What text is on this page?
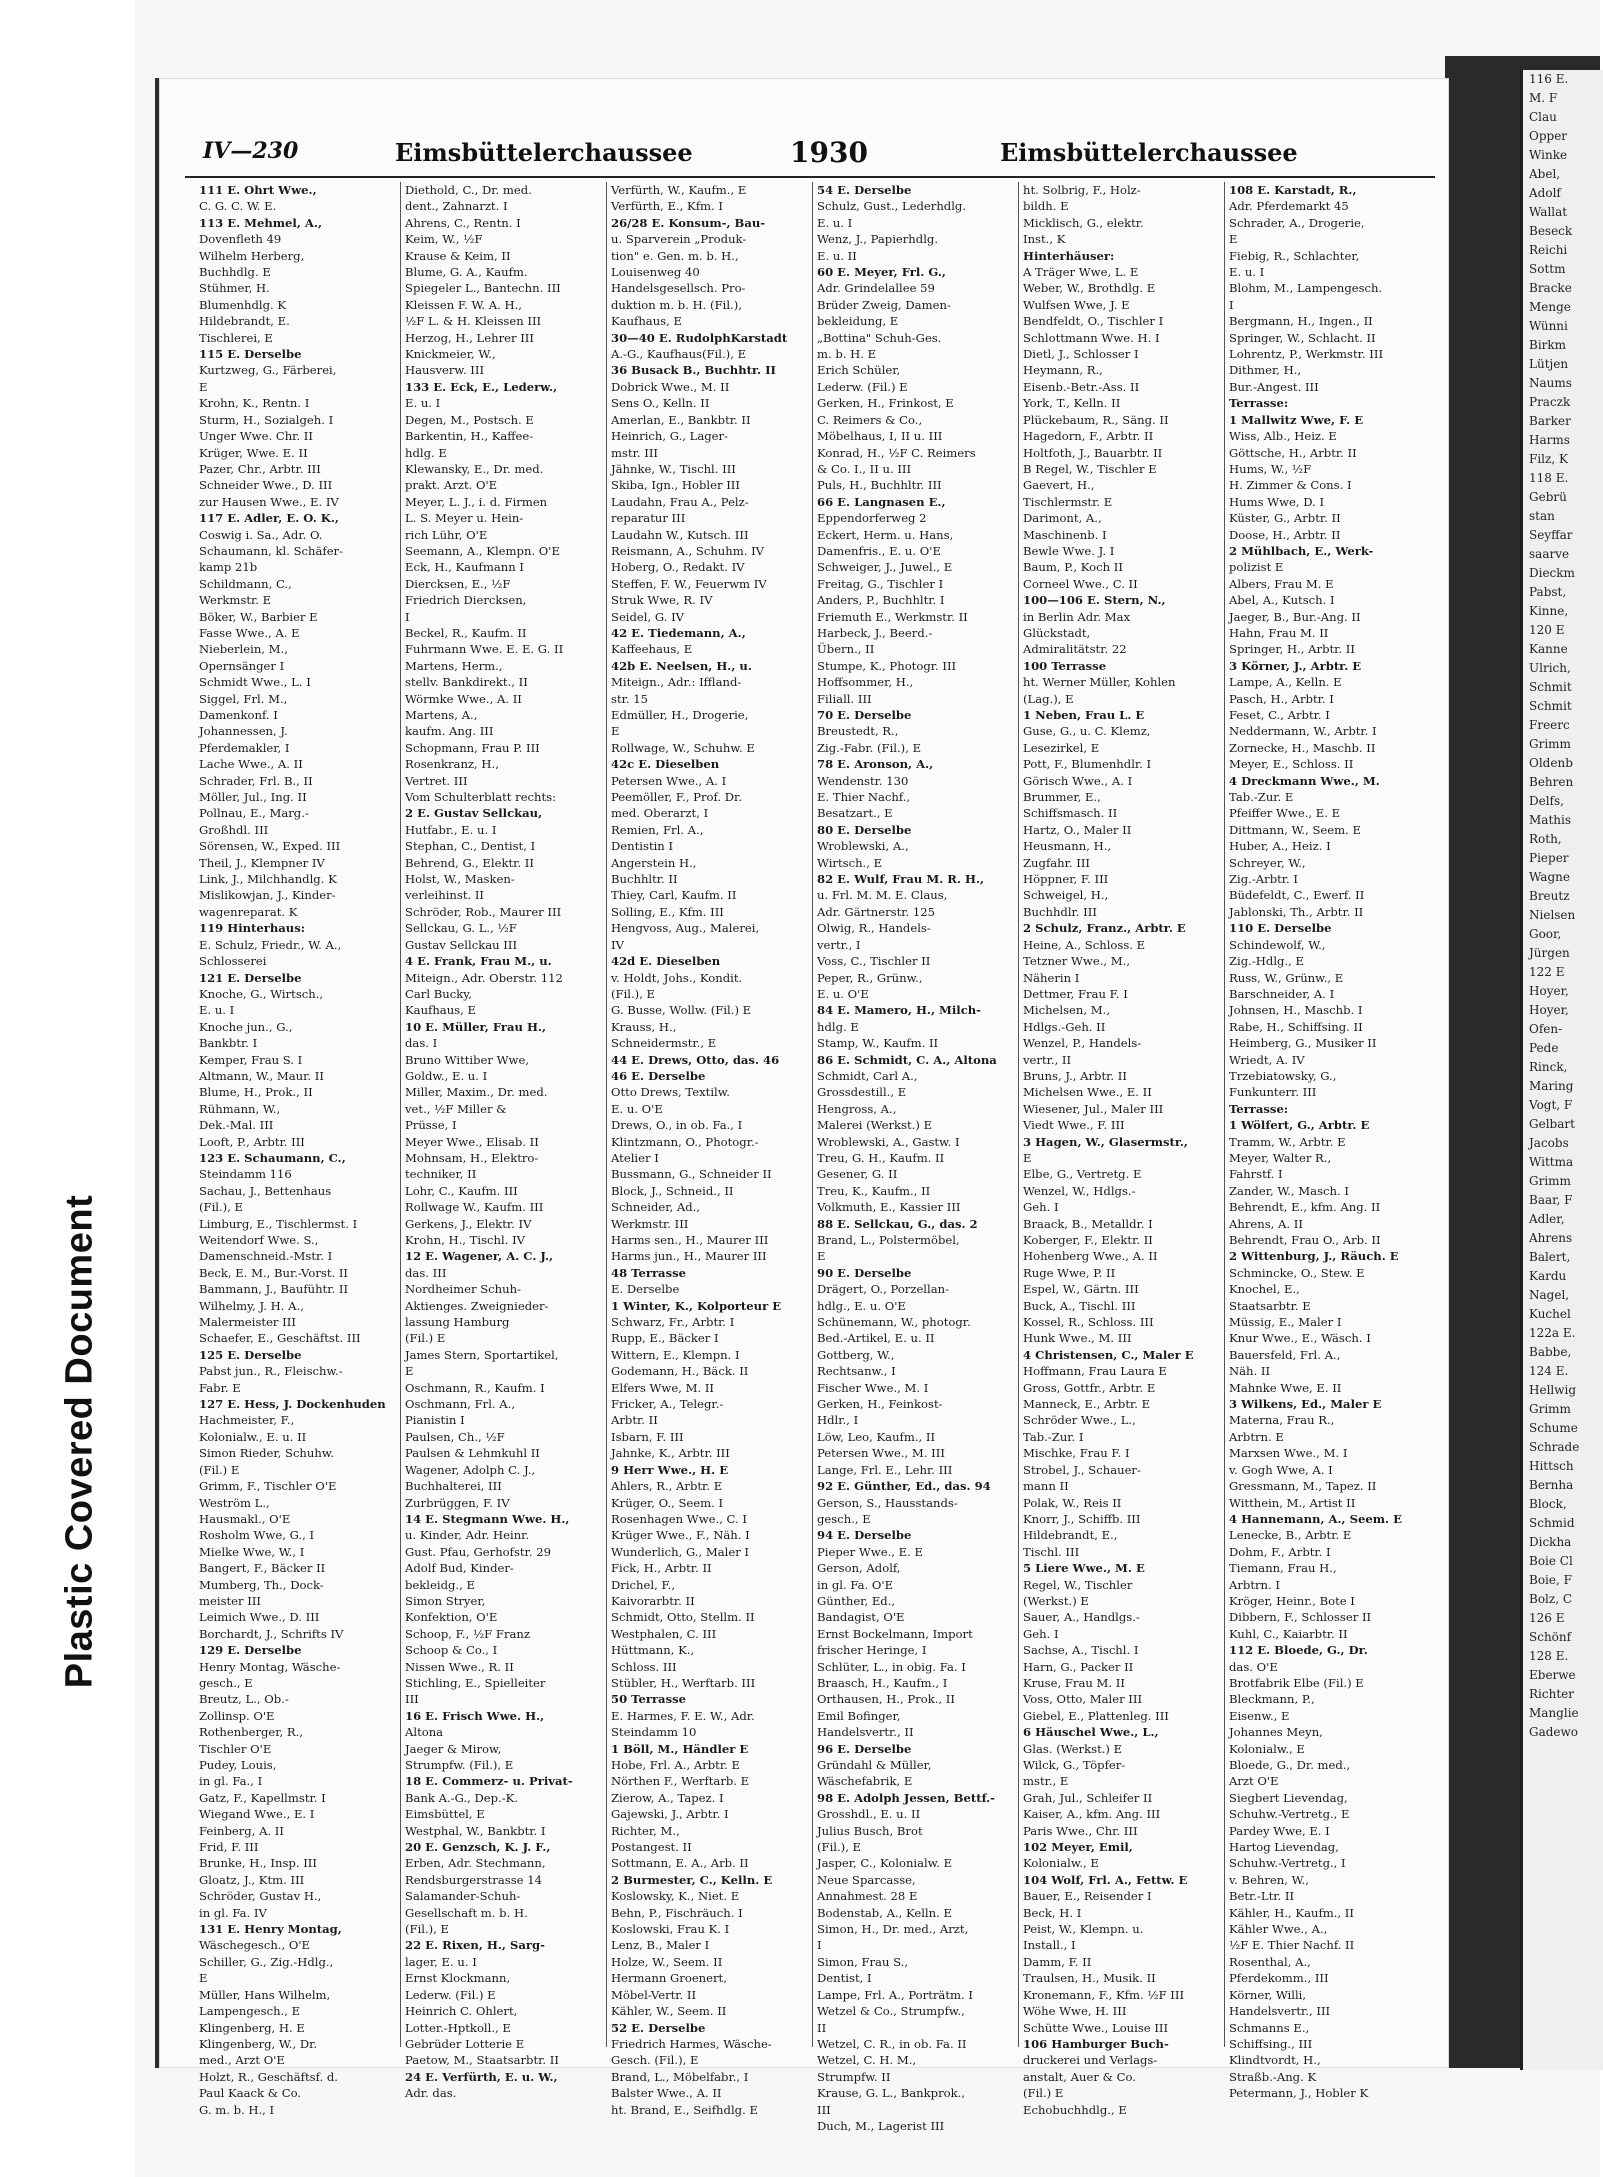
Plastic Covered Document
116 E.
M. F
Clau
Opper
Winke
Abel,
Adolf
Wallat
Beseck
Reichi
Sottm
Bracke
Menge
Wünni
Birkm
Lütjen
Naums
Praczk
Barker
Harms
Filz, K
118 E.
Gebrü
stan
Seyffar
saarve
Dieckm
Pabst,
Kinne,
120 E
Kanne
Ulrich,
Schmit
Schmit
Freerc
Grimm
Oldenb
Behren
Delfs,
Mathis
Roth,
Pieper
Wagne
Breutz
Nielsen
Goor,
Jürgen
122 E
Hoyer,
Hoyer,
Ofen-
Pede
Rinck,
Maring
Vogt, F
Gelbart
Jacobs
Wittma
Grimm
Baar, F
Adler,
Ahrens
Balert,
Kardu
Nagel,
Kuchel
122a E.
Babbe,
124 E.
Hellwig
Grimm
Schume
Schrade
Hittsch
Bernha
Block,
Schmid
Dickha
Boie Cl
Boie, F
Bolz, C
126 E
Schönf
128 E.
Eberwe
Richter
Manglie
Gadewo
IV—230	Eimsbüttelerchaussee	1930	Eimsbüttelerchaussee
111 E. Ohrt Wwe.,
C. G. C. W. E.
113 E. Mehmel, A.,
Dovenfleth 49
Wilhelm Herberg,
Buchhdlg. E
Stühmer, H.
Blumenhdlg. K
Hildebrandt, E.
Tischlerei, E
115 E. Derselbe
Kurtzweg, G., Färberei,
E
Krohn, K., Rentn. I
Sturm, H., Sozialgeh. I
Unger Wwe. Chr. II
Krüger, Wwe. E. II
Pazer, Chr., Arbtr. III
Schneider Wwe., D. III
zur Hausen Wwe., E. IV
117 E. Adler, E. O. K.,
Coswig i. Sa., Adr. O.
Schaumann, kl. Schäfer-
kamp 21b
Schildmann, C.,
Werkmstr. E
Böker, W., Barbier E
Fasse Wwe., A. E
Nieberlein, M.,
Opernsänger I
Schmidt Wwe., L. I
Siggel, Frl. M.,
Damenkonf. I
Johannessen, J.
Pferdemakler, I
Lache Wwe., A. II
Schrader, Frl. B., II
Möller, Jul., Ing. II
Pollnau, E., Marg.-
Großhdl. III
Sörensen, W., Exped. III
Theil, J., Klempner IV
Link, J., Milchhandlg. K
Mislikowjan, J., Kinder-
wagenreparat. K
119 Hinterhaus:
E. Schulz, Friedr., W. A.,
Schlosserei
121 E. Derselbe
Knoche, G., Wirtsch.,
E. u. I
Knoche jun., G.,
Bankbtr. I
Kemper, Frau S. I
Altmann, W., Maur. II
Blume, H., Prok., II
Rühmann, W.,
Dek.-Mal. III
Looft, P., Arbtr. III
123 E. Schaumann, C.,
Steindamm 116
Sachau, J., Bettenhaus
(Fil.), E
Limburg, E., Tischlermst. I
Weitendorf Wwe. S.,
Damenschneid.-Mstr. I
Beck, E. M., Bur.-Vorst. II
Bammann, J., Baufühtr. II
Wilhelmy, J. H. A.,
Malermeister III
Schaefer, E., Geschäftst. III
125 E. Derselbe
Pabst jun., R., Fleischw.-
Fabr. E
127 E. Hess, J. Dockenhuden
Hachmeister, F.,
Kolonialw., E. u. II
Simon Rieder, Schuhw.
(Fil.) E
Grimm, F., Tischler O'E
Weström L.,
Hausmakl., O'E
Rosholm Wwe, G., I
Mielke Wwe, W., I
Bangert, F., Bäcker II
Mumberg, Th., Dock-
meister III
Leimich Wwe., D. III
Borchardt, J., Schrifts IV
129 E. Derselbe
Henry Montag, Wäsche-
gesch., E
Breutz, L., Ob.-
Zollinsp. O'E
Rothenberger, R.,
Tischler O'E
Pudey, Louis,
in gl. Fa., I
Gatz, F., Kapellmstr. I
Wiegand Wwe., E. I
Feinberg, A. II
Frid, F. III
Brunke, H., Insp. III
Gloatz, J., Ktm. III
Schröder, Gustav H.,
in gl. Fa. IV
131 E. Henry Montag,
Wäschegesch., O'E
Schiller, G., Zig.-Hdlg.,
E
Müller, Hans Wilhelm,
Lampengesch., E
Klingenberg, H. E
Klingenberg, W., Dr.
med., Arzt O'E
Holzt, R., Geschäftsf. d.
Paul Kaack & Co.
G. m. b. H., I
Diethold, C., Dr. med.
dent., Zahnarzt. I
Ahrens, C., Rentn. I
Keim, W., ½F
Krause & Keim, II
Blume, G. A., Kaufm.
Spiegeler L., Bantechn. III
Kleissen F. W. A. H.,
½F L. & H. Kleissen III
Herzog, H., Lehrer III
Knickmeier, W.,
Hausverw. III
133 E. Eck, E., Lederw.,
E. u. I
Degen, M., Postsch. E
Barkentin, H., Kaffee-
hdlg. E
Klewansky, E., Dr. med.
prakt. Arzt. O'E
Meyer, L. J., i. d. Firmen
L. S. Meyer u. Hein-
rich Lühr, O'E
Seemann, A., Klempn. O'E
Eck, H., Kaufmann I
Diercksen, E., ½F
Friedrich Diercksen,
I
Beckel, R., Kaufm. II
Fuhrmann Wwe. E. E. G. II
Martens, Herm.,
stellv. Bankdirekt., II
Wörmke Wwe., A. II
Martens, A.,
kaufm. Ang. III
Schopmann, Frau P. III
Rosenkranz, H.,
Vertret. III
Vom Schulterblatt rechts:
2 E. Gustav Sellckau,
Hutfabr., E. u. I
Stephan, C., Dentist, I
Behrend, G., Elektr. II
Holst, W., Masken-
verleihinst. II
Schröder, Rob., Maurer III
Sellckau, G. L., ½F
Gustav Sellckau III
4 E. Frank, Frau M., u.
Miteign., Adr. Oberstr. 112
Carl Bucky,
Kaufhaus, E
10 E. Müller, Frau H.,
das. I
Bruno Wittiber Wwe,
Goldw., E. u. I
Miller, Maxim., Dr. med.
vet., ½F Miller &
Prüsse, I
Meyer Wwe., Elisab. II
Mohnsam, H., Elektro-
techniker, II
Lohr, C., Kaufm. III
Rollwage W., Kaufm. III
Gerkens, J., Elektr. IV
Krohn, H., Tischl. IV
12 E. Wagener, A. C. J.,
das. III
Nordheimer Schuh-
Aktienges. Zweignieder-
lassung Hamburg
(Fil.) E
James Stern, Sportartikel,
E
Oschmann, R., Kaufm. I
Oschmann, Frl. A.,
Pianistin I
Paulsen, Ch., ½F
Paulsen & Lehmkuhl II
Wagener, Adolph C. J.,
Buchhalterei, III
Zurbrüggen, F. IV
14 E. Stegmann Wwe. H.,
u. Kinder, Adr. Heinr.
Gust. Pfau, Gerhofstr. 29
Adolf Bud, Kinder-
bekleidg., E
Simon Stryer,
Konfektion, O'E
Schoop, F., ½F Franz
Schoop & Co., I
Nissen Wwe., R. II
Stichling, E., Spielleiter
III
16 E. Frisch Wwe. H.,
Altona
Jaeger & Mirow,
Strumpfw. (Fil.), E
18 E. Commerz- u. Privat-
Bank A.-G., Dep.-K.
Eimsbüttel, E
Westphal, W., Bankbtr. I
20 E. Genzsch, K. J. F.,
Erben, Adr. Stechmann,
Rendsburgerstrasse 14
Salamander-Schuh-
Gesellschaft m. b. H.
(Fil.), E
22 E. Rixen, H., Sarg-
lager, E. u. I
Ernst Klockmann,
Lederw. (Fil.) E
Heinrich C. Ohlert,
Lotter.-Hptkoll., E
Gebrüder Lotterie E
Paetow, M., Staatsarbtr. II
24 E. Verfürth, E. u. W.,
Adr. das.
Verfürth, W., Kaufm., E
Verfürth, E., Kfm. I
26/28 E. Konsum-, Bau-
u. Sparverein „Produk-
tion" e. Gen. m. b. H.,
Louisenweg 40
Handelsgesellsch. Pro-
duktion m. b. H. (Fil.),
Kaufhaus, E
30—40 E. RudolphKarstadt
A.-G., Kaufhaus(Fil.), E
36 Busack B., Buchhtr. II
Dobrick Wwe., M. II
Sens O., Kelln. II
Amerlan, E., Bankbtr. II
Heinrich, G., Lager-
mstr. III
Jähnke, W., Tischl. III
Skiba, Ign., Hobler III
Laudahn, Frau A., Pelz-
reparatur III
Laudahn W., Kutsch. III
Reismann, A., Schuhm. IV
Hoberg, O., Redakt. IV
Steffen, F. W., Feuerwm IV
Struk Wwe, R. IV
Seidel, G. IV
42 E. Tiedemann, A.,
Kaffeehaus, E
42b E. Neelsen, H., u.
Miteign., Adr.: Iffland-
str. 15
Edmüller, H., Drogerie,
E
Rollwage, W., Schuhw. E
42c E. Dieselben
Petersen Wwe., A. I
Peemöller, F., Prof. Dr.
med. Oberarzt, I
Remien, Frl. A.,
Dentistin I
Angerstein H.,
Buchhltr. II
Thiey, Carl, Kaufm. II
Solling, E., Kfm. III
Hengvoss, Aug., Malerei,
IV
42d E. Dieselben
v. Holdt, Johs., Kondit.
(Fil.), E
G. Busse, Wollw. (Fil.) E
Krauss, H.,
Schneidermstr., E
44 E. Drews, Otto, das. 46
46 E. Derselbe
Otto Drews, Textilw.
E. u. O'E
Drews, O., in ob. Fa., I
Klintzmann, O., Photogr.-
Atelier I
Bussmann, G., Schneider II
Block, J., Schneid., II
Schneider, Ad.,
Werkmstr. III
Harms sen., H., Maurer III
Harms jun., H., Maurer III
48 Terrasse
E. Derselbe
1 Winter, K., Kolporteur E
Schwarz, Fr., Arbtr. I
Rupp, E., Bäcker I
Wittern, E., Klempn. I
Godemann, H., Bäck. II
Elfers Wwe, M. II
Fricker, A., Telegr.-
Arbtr. II
Isbarn, F. III
Jahnke, K., Arbtr. III
9 Herr Wwe., H. E
Ahlers, R., Arbtr. E
Krüger, O., Seem. I
Rosenhagen Wwe., C. I
Krüger Wwe., F., Näh. I
Wunderlich, G., Maler I
Fick, H., Arbtr. II
Drichel, F.,
Kaivorarbtr. II
Schmidt, Otto, Stellm. II
Westphalen, C. III
Hüttmann, K.,
Schloss. III
Stübler, H., Werftarb. III
50 Terrasse
E. Harmes, F. E. W., Adr.
Steindamm 10
1 Böll, M., Händler E
Hobe, Frl. A., Arbtr. E
Nörthen F., Werftarb. E
Zierow, A., Tapez. I
Gajewski, J., Arbtr. I
Richter, M.,
Postangest. II
Sottmann, E. A., Arb. II
2 Burmester, C., Kelln. E
Koslowsky, K., Niet. E
Behn, P., Fischräuch. I
Koslowski, Frau K. I
Lenz, B., Maler I
Holze, W., Seem. II
Hermann Groenert,
Möbel-Vertr. II
Kähler, W., Seem. II
52 E. Derselbe
Friedrich Harmes, Wäsche-
Gesch. (Fil.), E
Brand, L., Möbelfabr., I
Balster Wwe., A. II
ht. Brand, E., Seifhdlg. E
54 E. Derselbe
Schulz, Gust., Lederhdlg.
E. u. I
Wenz, J., Papierhdlg.
E. u. II
60 E. Meyer, Frl. G.,
Adr. Grindelallee 59
Brüder Zweig, Damen-
bekleidung, E
„Bottina" Schuh-Ges.
m. b. H. E
Erich Schüler,
Lederw. (Fil.) E
Gerken, H., Frinkost, E
C. Reimers & Co.,
Möbelhaus, I, II u. III
Konrad, H., ½F C. Reimers
& Co. I., II u. III
Puls, H., Buchhltr. III
66 E. Langnasen E.,
Eppendorferweg 2
Eckert, Herm. u. Hans,
Damenfris., E. u. O'E
Schweiger, J., Juwel., E
Freitag, G., Tischler I
Anders, P., Buchhltr. I
Friemuth E., Werkmstr. II
Harbeck, J., Beerd.-
Übern., II
Stumpe, K., Photogr. III
Hoffsommer, H.,
Filiall. III
70 E. Derselbe
Breustedt, R.,
Zig.-Fabr. (Fil.), E
78 E. Aronson, A.,
Wendenstr. 130
E. Thier Nachf.,
Besatzart., E
80 E. Derselbe
Wroblewski, A.,
Wirtsch., E
82 E. Wulf, Frau M. R. H.,
u. Frl. M. M. E. Claus,
Adr. Gärtnerstr. 125
Olwig, R., Handels-
vertr., I
Voss, C., Tischler II
Peper, R., Grünw.,
E. u. O'E
84 E. Mamero, H., Milch-
hdlg. E
Stamp, W., Kaufm. II
86 E. Schmidt, C. A., Altona
Schmidt, Carl A.,
Grossdestill., E
Hengross, A.,
Malerei (Werkst.) E
Wroblewski, A., Gastw. I
Treu, G. H., Kaufm. II
Gesener, G. II
Treu, K., Kaufm., II
Volkmuth, E., Kassier III
88 E. Sellckau, G., das. 2
Brand, L., Polstermöbel,
E
90 E. Derselbe
Drägert, O., Porzellan-
hdlg., E. u. O'E
Schünemann, W., photogr.
Bed.-Artikel, E. u. II
Gottberg, W.,
Rechtsanw., I
Fischer Wwe., M. I
Gerken, H., Feinkost-
Hdlr., I
Löw, Leo, Kaufm., II
Petersen Wwe., M. III
Lange, Frl. E., Lehr. III
92 E. Günther, Ed., das. 94
Gerson, S., Hausstands-
gesch., E
94 E. Derselbe
Pieper Wwe., E. E
Gerson, Adolf,
in gl. Fa. O'E
Günther, Ed.,
Bandagist, O'E
Ernst Bockelmann, Import
frischer Heringe, I
Schlüter, L., in obig. Fa. I
Braasch, H., Kaufm., I
Orthausen, H., Prok., II
Emil Bofinger,
Handelsvertr., II
96 E. Derselbe
Gründahl & Müller,
Wäschefabrik, E
98 E. Adolph Jessen, Bettf.-
Grosshdl., E. u. II
Julius Busch, Brot
(Fil.), E
Jasper, C., Kolonialw. E
Neue Sparcasse,
Annahmest. 28 E
Bodenstab, A., Kelln. E
Simon, H., Dr. med., Arzt,
I
Simon, Frau S.,
Dentist, I
Lampe, Frl. A., Porträtm. I
Wetzel & Co., Strumpfw.,
II
Wetzel, C. R., in ob. Fa. II
Wetzel, C. H. M.,
Strumpfw. II
Krause, G. L., Bankprok.,
III
Duch, M., Lagerist III
ht. Solbrig, F., Holz-
bildh. E
Micklisch, G., elektr.
Inst., K
Hinterhäuser:
A Träger Wwe, L. E
Weber, W., Brothdlg. E
Wulfsen Wwe, J. E
Bendfeldt, O., Tischler I
Schlottmann Wwe. H. I
Dietl, J., Schlosser I
Heymann, R.,
Eisenb.-Betr.-Ass. II
York, T., Kelln. II
Plückebaum, R., Säng. II
Hagedorn, F., Arbtr. II
Holtfoth, J., Bauarbtr. II
B Regel, W., Tischler E
Gaevert, H.,
Tischlermstr. E
Darimont, A.,
Maschinenb. I
Bewle Wwe. J. I
Baum, P., Koch II
Corneel Wwe., C. II
100—106 E. Stern, N.,
in Berlin Adr. Max
Glückstadt,
Admiralitätstr. 22
100 Terrasse
ht. Werner Müller, Kohlen
(Lag.), E
1 Neben, Frau L. E
Guse, G., u. C. Klemz,
Lesezirkel, E
Pott, F., Blumenhdlr. I
Görisch Wwe., A. I
Brummer, E.,
Schiffsmasch. II
Hartz, O., Maler II
Heusmann, H.,
Zugfahr. III
Höppner, F. III
Schweigel, H.,
Buchhdlr. III
2 Schulz, Franz., Arbtr. E
Heine, A., Schloss. E
Tetzner Wwe., M.,
Näherin I
Dettmer, Frau F. I
Michelsen, M.,
Hdlgs.-Geh. II
Wenzel, P., Handels-
vertr., II
Bruns, J., Arbtr. II
Michelsen Wwe., E. II
Wiesener, Jul., Maler III
Viedt Wwe., F. III
3 Hagen, W., Glasermstr.,
E
Elbe, G., Vertretg. E
Wenzel, W., Hdlgs.-
Geh. I
Braack, B., Metalldr. I
Koberger, F., Elektr. II
Hohenberg Wwe., A. II
Ruge Wwe, P. II
Espel, W., Gärtn. III
Buck, A., Tischl. III
Kossel, R., Schloss. III
Hunk Wwe., M. III
4 Christensen, C., Maler E
Hoffmann, Frau Laura E
Gross, Gottfr., Arbtr. E
Manneck, E., Arbtr. E
Schröder Wwe., L.,
Tab.-Zur. I
Mischke, Frau F. I
Strobel, J., Schauer-
mann II
Polak, W., Reis II
Knorr, J., Schiffb. III
Hildebrandt, E.,
Tischl. III
5 Liere Wwe., M. E
Regel, W., Tischler
(Werkst.) E
Sauer, A., Handlgs.-
Geh. I
Sachse, A., Tischl. I
Harn, G., Packer II
Kruse, Frau M. II
Voss, Otto, Maler III
Giebel, E., Plattenleg. III
6 Häuschel Wwe., L.,
Glas. (Werkst.) E
Wilck, G., Töpfer-
mstr., E
Grah, Jul., Schleifer II
Kaiser, A., kfm. Ang. III
Paris Wwe., Chr. III
102 Meyer, Emil,
Kolonialw., E
104 Wolf, Frl. A., Fettw. E
Bauer, E., Reisender I
Beck, H. I
Peist, W., Klempn. u.
Install., I
Damm, F. II
Traulsen, H., Musik. II
Kronemann, F., Kfm. ½F III
Wöhe Wwe, H. III
Schütte Wwe., Louise III
106 Hamburger Buch-
druckerei und Verlags-
anstalt, Auer & Co.
(Fil.) E
Echobuchhdlg., E
108 E. Karstadt, R.,
Adr. Pferdemarkt 45
Schrader, A., Drogerie,
E
Fiebig, R., Schlachter,
E. u. I
Blohm, M., Lampengesch.
I
Bergmann, H., Ingen., II
Springer, W., Schlacht. II
Lohrentz, P., Werkmstr. III
Dithmer, H.,
Bur.-Angest. III
Terrasse:
1 Mallwitz Wwe, F. E
Wiss, Alb., Heiz. E
Göttsche, H., Arbtr. II
Hums, W., ½F
H. Zimmer & Cons. I
Hums Wwe, D. I
Küster, G., Arbtr. II
Doose, H., Arbtr. II
2 Mühlbach, E., Werk-
polizist E
Albers, Frau M. E
Abel, A., Kutsch. I
Jaeger, B., Bur.-Ang. II
Hahn, Frau M. II
Springer, H., Arbtr. II
3 Körner, J., Arbtr. E
Lampe, A., Kelln. E
Pasch, H., Arbtr. I
Feset, C., Arbtr. I
Neddermann, W., Arbtr. I
Zornecke, H., Maschb. II
Meyer, E., Schloss. II
4 Dreckmann Wwe., M.
Tab.-Zur. E
Pfeiffer Wwe., E. E
Dittmann, W., Seem. E
Huber, A., Heiz. I
Schreyer, W.,
Zig.-Arbtr. I
Büdefeldt, C., Ewerf. II
Jablonski, Th., Arbtr. II
110 E. Derselbe
Schindewolf, W.,
Zig.-Hdlg., E
Russ, W., Grünw., E
Barschneider, A. I
Johnsen, H., Maschb. I
Rabe, H., Schiffsing. II
Heimberg, G., Musiker II
Wriedt, A. IV
Trzebiatowsky, G.,
Funkunterr. III
Terrasse:
1 Wölfert, G., Arbtr. E
Tramm, W., Arbtr. E
Meyer, Walter R.,
Fahrstf. I
Zander, W., Masch. I
Behrendt, E., kfm. Ang. II
Ahrens, A. II
Behrendt, Frau O., Arb. II
2 Wittenburg, J., Räuch. E
Schmincke, O., Stew. E
Knochel, E.,
Staatsarbtr. E
Müssig, E., Maler I
Knur Wwe., E., Wäsch. I
Bauersfeld, Frl. A.,
Näh. II
Mahnke Wwe, E. II
3 Wilkens, Ed., Maler E
Materna, Frau R.,
Arbtrn. E
Marxsen Wwe., M. I
v. Gogh Wwe, A. I
Gressmann, M., Tapez. II
Witthein, M., Artist II
4 Hannemann, A., Seem. E
Lenecke, B., Arbtr. E
Dohm, F., Arbtr. I
Tiemann, Frau H.,
Arbtrn. I
Kröger, Heinr., Bote I
Dibbern, F., Schlosser II
Kuhl, C., Kaiarbtr. II
112 E. Bloede, G., Dr.
das. O'E
Brotfabrik Elbe (Fil.) E
Bleckmann, P.,
Eisenw., E
Johannes Meyn,
Kolonialw., E
Bloede, G., Dr. med.,
Arzt O'E
Siegbert Lievendag,
Schuhw.-Vertretg., E
Pardey Wwe, E. I
Hartog Lievendag,
Schuhw.-Vertretg., I
v. Behren, W.,
Betr.-Ltr. II
Kähler, H., Kaufm., II
Kähler Wwe., A.,
½F E. Thier Nachf. II
Rosenthal, A.,
Pferdekomm., III
Körner, Willi,
Handelsvertr., III
Schmanns E.,
Schiffsing., III
Klindtvordt, H.,
Straßb.-Ang. K
Petermann, J., Hobler K
